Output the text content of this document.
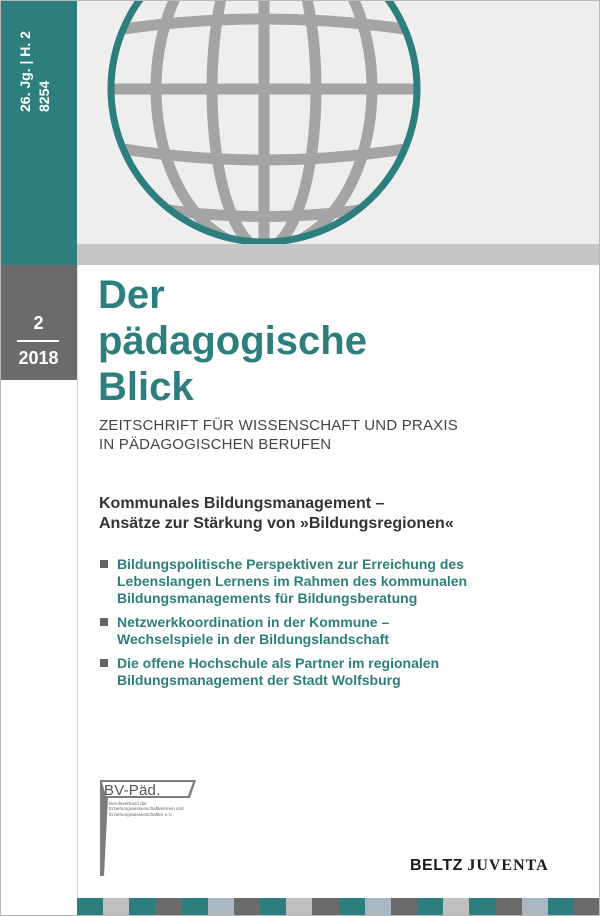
26. Jg. | H. 2 8254
2
2018
Der
pädagogische
Blick
ZEITSCHRIFT FÜR WISSENSCHAFT UND PRAXIS
IN PÄDAGOGISCHEN BERUFEN
Kommunales Bildungsmanagement –
Ansätze zur Stärkung von »Bildungsregionen«
Bildungspolitische Perspektiven zur Erreichung des
Lebenslangen Lernens im Rahmen des kommunalen
Bildungsmanagements für Bildungsberatung
Netzwerkkoordination in der Kommune –
Wechselspiele in der Bildungslandschaft
Die offene Hochschule als Partner im regionalen
Bildungsmanagement der Stadt Wolfsburg
BV-Päd.
Berufsverband der Erziehungswissenschaftlerinnen und Erziehungswissenschaftler e.V.
BELTZ JUVENTA
